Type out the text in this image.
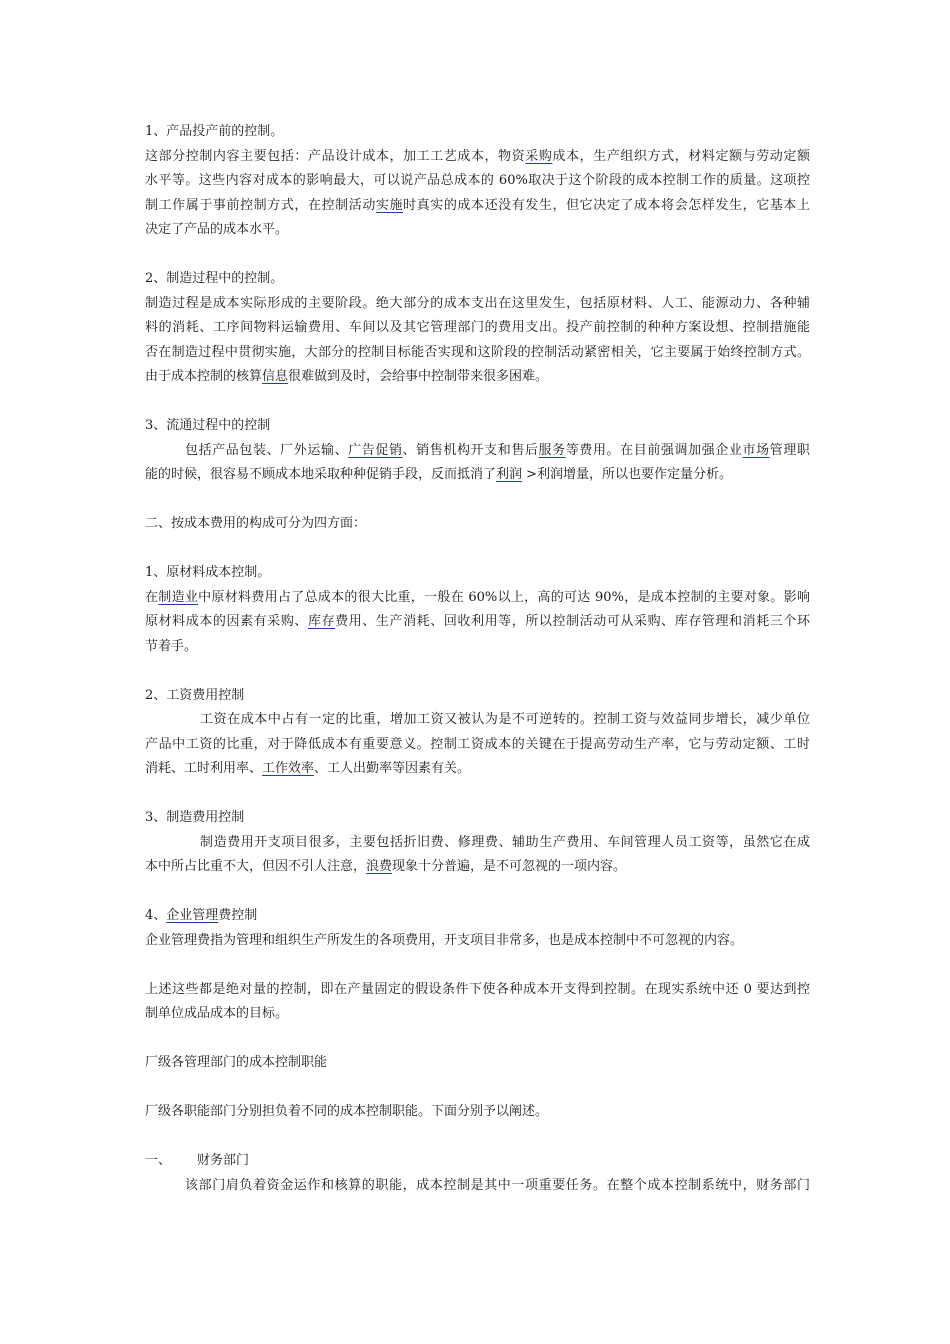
1、产品投产前的控制。
这部分控制内容主要包括：产品设计成本，加工工艺成本，物资采购成本，生产组织方式，材料定额与劳动定额
水平等。这些内容对成本的影响最大，可以说产品总成本的 60%取决于这个阶段的成本控制工作的质量。这项控
制工作属于事前控制方式，在控制活动实施时真实的成本还没有发生，但它决定了成本将会怎样发生，它基本上
决定了产品的成本水平。
2、制造过程中的控制。
制造过程是成本实际形成的主要阶段。绝大部分的成本支出在这里发生，包括原材料、人工、能源动力、各种辅
料的消耗、工序间物料运输费用、车间以及其它管理部门的费用支出。投产前控制的种种方案设想、控制措施能
否在制造过程中贯彻实施，大部分的控制目标能否实现和这阶段的控制活动紧密相关，它主要属于始终控制方式。
由于成本控制的核算信息很难做到及时，会给事中控制带来很多困难。
3、流通过程中的控制
包括产品包装、厂外运输、广告促销、销售机构开支和售后服务等费用。在目前强调加强企业市场管理职
能的时候，很容易不顾成本地采取种种促销手段，反而抵消了利润 >利润增量，所以也要作定量分析。
二、按成本费用的构成可分为四方面：
1、原材料成本控制。
在制造业中原材料费用占了总成本的很大比重，一般在 60%以上，高的可达 90%，是成本控制的主要对象。影响
原材料成本的因素有采购、库存费用、生产消耗、回收利用等，所以控制活动可从采购、库存管理和消耗三个环
节着手。
2、工资费用控制
工资在成本中占有一定的比重，增加工资又被认为是不可逆转的。控制工资与效益同步增长，减少单位
产品中工资的比重，对于降低成本有重要意义。控制工资成本的关键在于提高劳动生产率，它与劳动定额、工时
消耗、工时利用率、工作效率、工人出勤率等因素有关。
3、制造费用控制
制造费用开支项目很多，主要包括折旧费、修理费、辅助生产费用、车间管理人员工资等，虽然它在成
本中所占比重不大，但因不引人注意，浪费现象十分普遍，是不可忽视的一项内容。
4、企业管理费控制
企业管理费指为管理和组织生产所发生的各项费用，开支项目非常多，也是成本控制中不可忽视的内容。
上述这些都是绝对量的控制，即在产量固定的假设条件下使各种成本开支得到控制。在现实系统中还 0 要达到控
制单位成品成本的目标。
厂级各管理部门的成本控制职能
厂级各职能部门分别担负着不同的成本控制职能。下面分别予以阐述。
一、 财务部门
该部门肩负着资金运作和核算的职能，成本控制是其中一项重要任务。在整个成本控制系统中，财务部门
